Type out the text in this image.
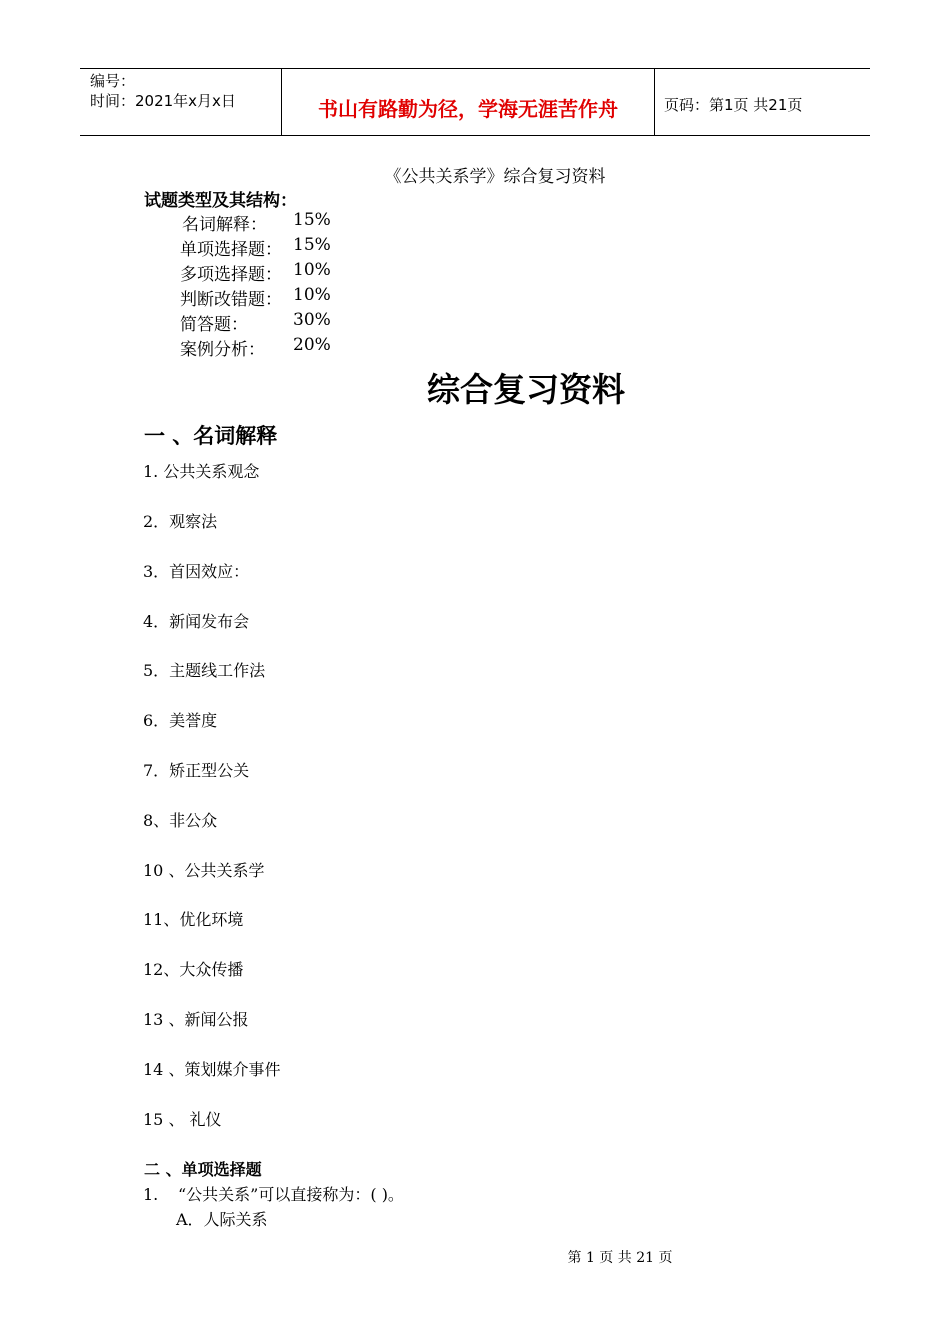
编号：
时间：2021年x月x日	书山有路勤为径，学海无涯苦作舟	页码：第1页 共21页
《公共关系学》综合复习资料
试题类型及其结构：
名词解释： 15%
单项选择题： 15%
多项选择题： 10%
判断改错题： 10%
简答题：	30%
案例分析： 20%
综合复习资料
一 、名词解释
1. 公共关系观念
2．观察法
3．首因效应：
4．新闻发布会
5．主题线工作法
6．美誉度
7．矫正型公关
8、非公众
10 、公共关系学
11、优化环境
12、大众传播
13 、新闻公报
14 、策划媒介事件
15 、 礼仪
二 、单项选择题
1. “公共关系”可以直接称为：( )。
A．人际关系
第 1 页 共 21 页
